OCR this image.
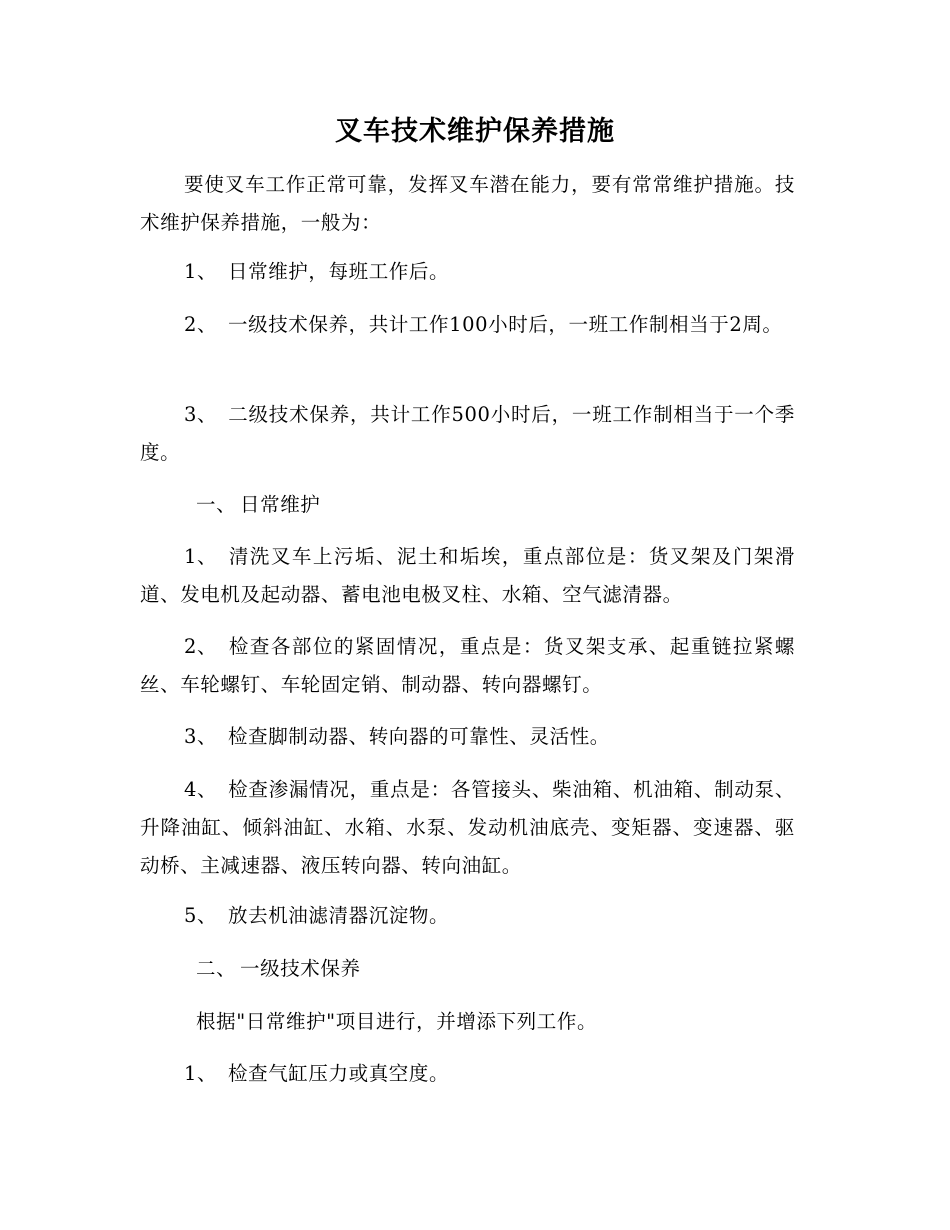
叉车技术维护保养措施

要使叉车工作正常可靠，发挥叉车潜在能力，要有常常维护措施。技术维护保养措施，一般为：

1、 日常维护，每班工作后。

2、 一级技术保养，共计工作100小时后，一班工作制相当于2周。

3、 二级技术保养，共计工作500小时后，一班工作制相当于一个季度。

一、 日常维护

1、 清洗叉车上污垢、泥土和垢埃，重点部位是：货叉架及门架滑道、发电机及起动器、蓄电池电极叉柱、水箱、空气滤清器。

2、 检查各部位的紧固情况，重点是：货叉架支承、起重链拉紧螺丝、车轮螺钉、车轮固定销、制动器、转向器螺钉。

3、 检查脚制动器、转向器的可靠性、灵活性。

4、 检查渗漏情况，重点是：各管接头、柴油箱、机油箱、制动泵、升降油缸、倾斜油缸、水箱、水泵、发动机油底壳、变矩器、变速器、驱动桥、主减速器、液压转向器、转向油缸。

5、 放去机油滤清器沉淀物。

二、 一级技术保养

根据"日常维护"项目进行，并增添下列工作。

1、 检查气缸压力或真空度。
